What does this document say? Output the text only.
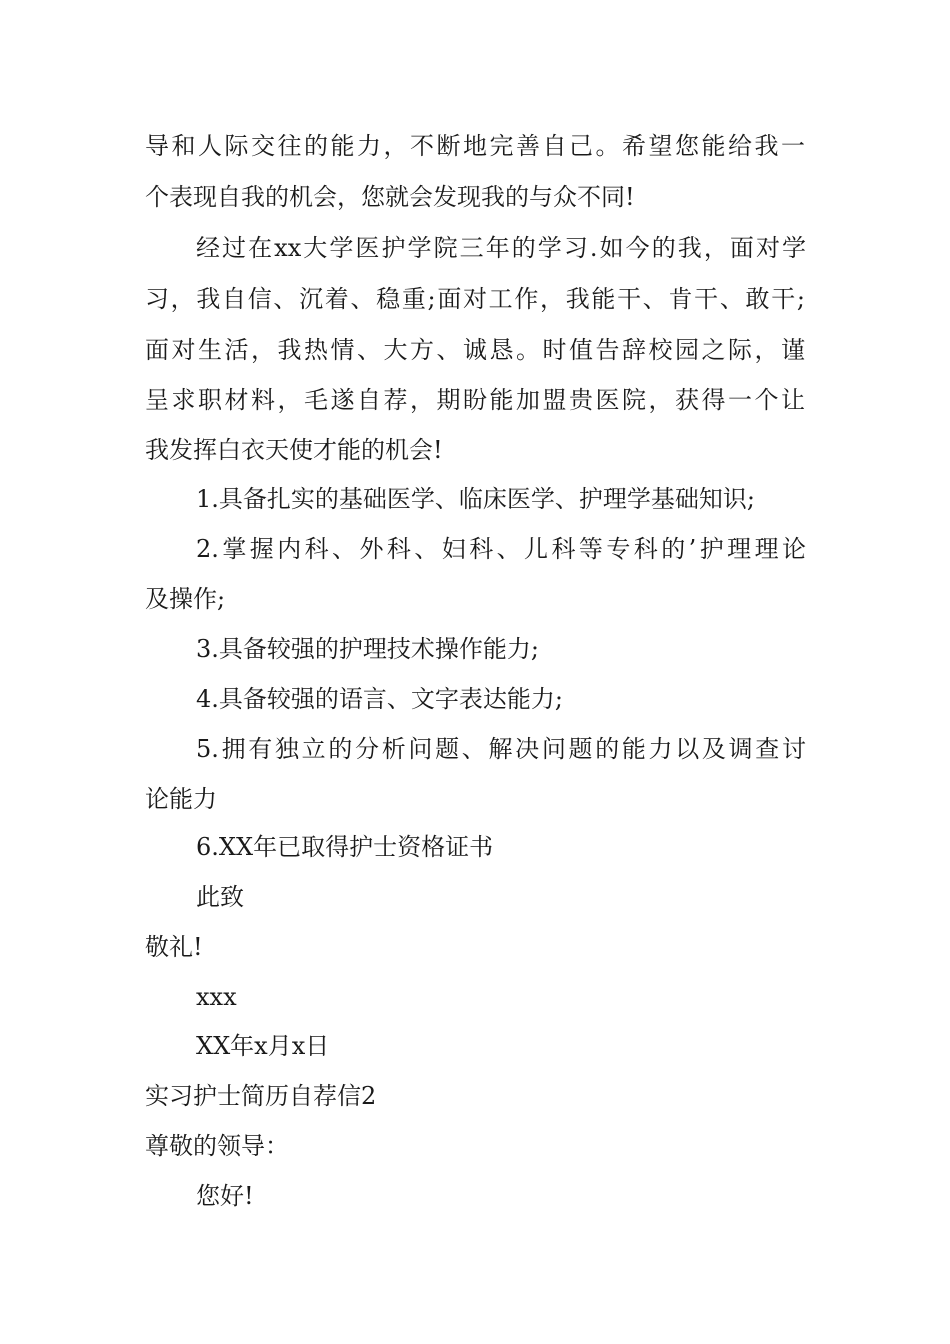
导和人际交往的能力，不断地完善自己。希望您能给我一
个表现自我的机会，您就会发现我的与众不同!
经过在xx大学医护学院三年的学习.如今的我，面对学
习，我自信、沉着、稳重;面对工作，我能干、肯干、敢干;
面对生活，我热情、大方、诚恳。时值告辞校园之际，谨
呈求职材料，毛遂自荐，期盼能加盟贵医院，获得一个让
我发挥白衣天使才能的机会!
1.具备扎实的基础医学、临床医学、护理学基础知识;
2.掌握内科、外科、妇科、儿科等专科的’护理理论
及操作;
3.具备较强的护理技术操作能力;
4.具备较强的语言、文字表达能力;
5.拥有独立的分析问题、解决问题的能力以及调查讨
论能力
6.XX年已取得护士资格证书
此致
敬礼!
xxx
XX年x月x日
实习护士简历自荐信2
尊敬的领导：
您好!
